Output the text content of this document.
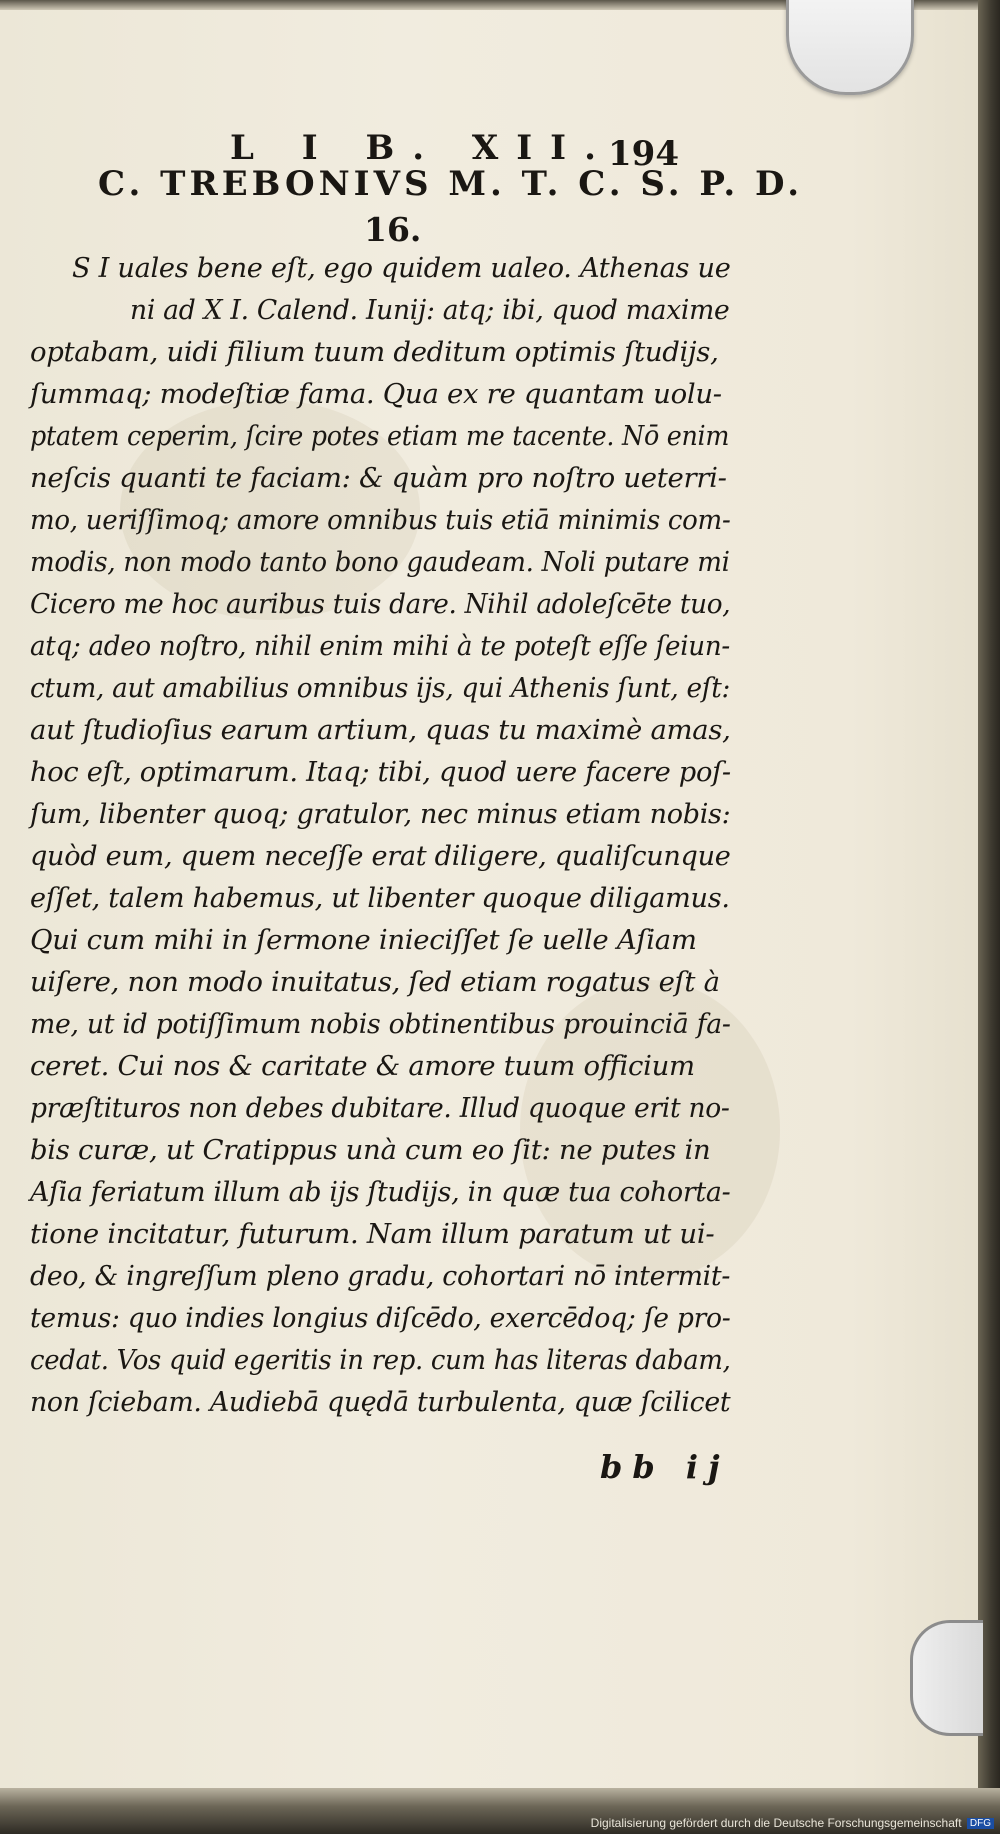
L I B. XII.
194
C. TREBONIVS M. T. C. S. P. D.
16.
S I uales bene eſt, ego quidem ualeo. Athenas ue
ni ad X I. Calend. Iunij: atq; ibi, quod maxime
optabam, uidi filium tuum deditum optimis ſtudijs,
ſummaq; modeſtiæ fama. Qua ex re quantam uolu-
ptatem ceperim, ſcire potes etiam me tacente. Nō enim
neſcis quanti te faciam: & quàm pro noſtro ueterri-
mo, ueriſſimoq; amore omnibus tuis etiā minimis com-
modis, non modo tanto bono gaudeam. Noli putare mi
Cicero me hoc auribus tuis dare. Nihil adoleſcēte tuo,
atq; adeo noſtro, nihil enim mihi à te poteſt eſſe ſeiun-
ctum, aut amabilius omnibus ijs, qui Athenis ſunt, eſt:
aut ſtudioſius earum artium, quas tu maximè amas,
hoc eſt, optimarum. Itaq; tibi, quod uere facere poſ-
ſum, libenter quoq; gratulor, nec minus etiam nobis:
quòd eum, quem neceſſe erat diligere, qualiſcunque
eſſet, talem habemus, ut libenter quoque diligamus.
Qui cum mihi in ſermone inieciſſet ſe uelle Aſiam
uiſere, non modo inuitatus, ſed etiam rogatus eſt à
me, ut id potiſſimum nobis obtinentibus prouinciā fa-
ceret. Cui nos & caritate & amore tuum officium
præſtituros non debes dubitare. Illud quoque erit no-
bis curæ, ut Cratippus unà cum eo ſit: ne putes in
Aſia feriatum illum ab ijs ſtudijs, in quæ tua cohorta-
tione incitatur, futurum. Nam illum paratum ut ui-
deo, & ingreſſum pleno gradu, cohortari nō intermit-
temus: quo indies longius diſcēdo, exercēdoq; ſe pro-
cedat. Vos quid egeritis in rep. cum has literas dabam,
non ſciebam. Audiebā quędā turbulenta, quæ ſcilicet
bb ij
Digitalisierung gefördert durch die Deutsche Forschungsgemeinschaft DFG
